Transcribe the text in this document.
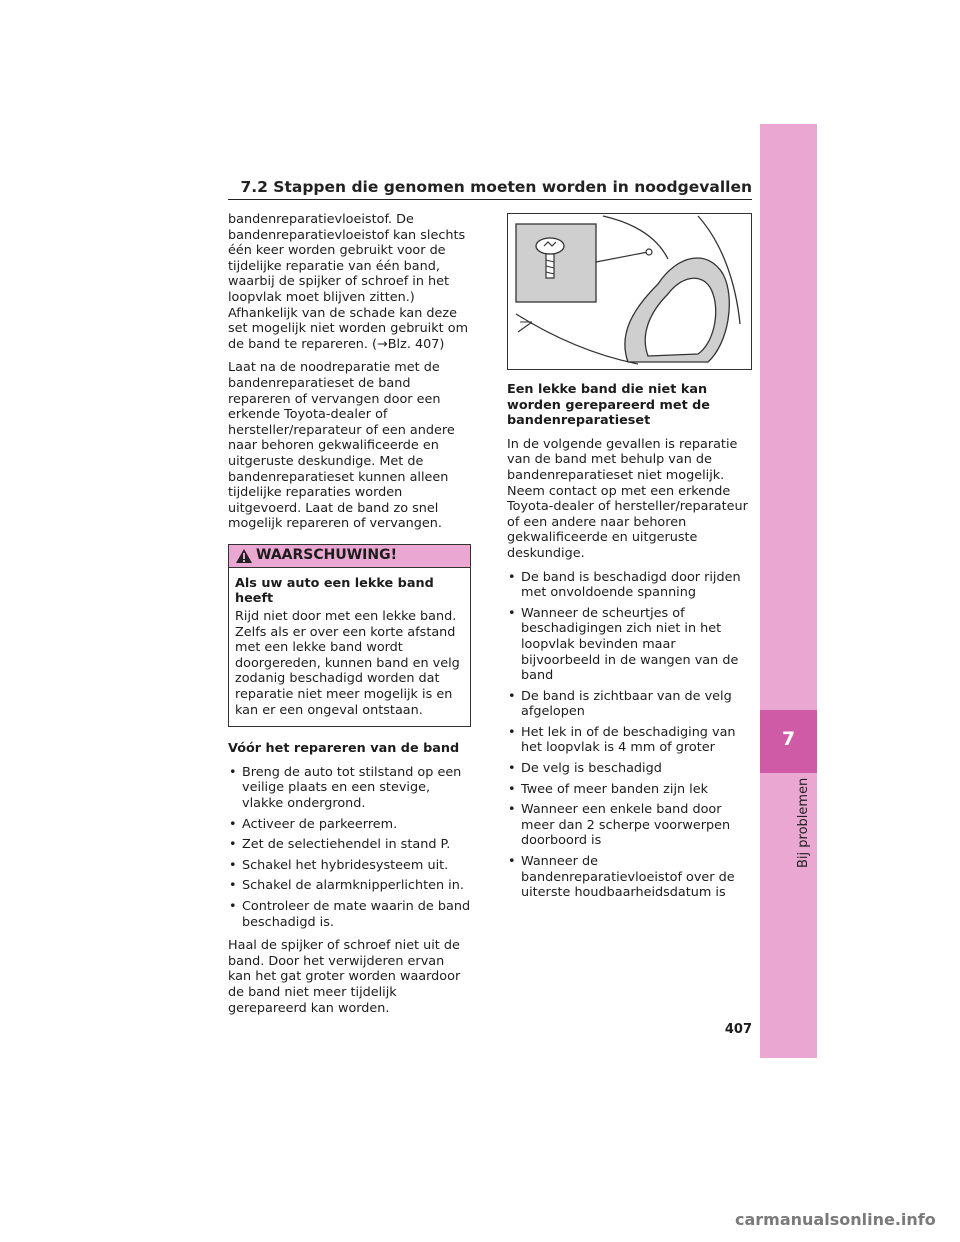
7.2 Stappen die genomen moeten worden in noodgevallen
7
Bij problemen

bandenreparatievloeistof. De bandenreparatievloeistof kan slechts één keer worden gebruikt voor de tijdelijke reparatie van één band, waarbij de spijker of schroef in het loopvlak moet blijven zitten.) Afhankelijk van de schade kan deze set mogelijk niet worden gebruikt om de band te repareren. (→Blz. 407)

Laat na de noodreparatie met de bandenreparatieset de band repareren of vervangen door een erkende Toyota-dealer of hersteller/reparateur of een andere naar behoren gekwalificeerde en uitgeruste deskundige. Met de bandenreparatieset kunnen alleen tijdelijke reparaties worden uitgevoerd. Laat de band zo snel mogelijk repareren of vervangen.

WAARSCHUWING!

Als uw auto een lekke band heeft

Rijd niet door met een lekke band. Zelfs als er over een korte afstand met een lekke band wordt doorgereden, kunnen band en velg zodanig beschadigd worden dat reparatie niet meer mogelijk is en kan er een ongeval ontstaan.

Vóór het repareren van de band

• Breng de auto tot stilstand op een veilige plaats en een stevige, vlakke ondergrond.
• Activeer de parkeerrem.
• Zet de selectiehendel in stand P.
• Schakel het hybridesysteem uit.
• Schakel de alarmknipperlichten in.
• Controleer de mate waarin de band beschadigd is.

Haal de spijker of schroef niet uit de band. Door het verwijderen ervan kan het gat groter worden waardoor de band niet meer tijdelijk gerepareerd kan worden.

Een lekke band die niet kan worden gerepareerd met de bandenreparatieset

In de volgende gevallen is reparatie van de band met behulp van de bandenreparatieset niet mogelijk. Neem contact op met een erkende Toyota-dealer of hersteller/reparateur of een andere naar behoren gekwalificeerde en uitgeruste deskundige.

• De band is beschadigd door rijden met onvoldoende spanning
• Wanneer de scheurtjes of beschadigingen zich niet in het loopvlak bevinden maar bijvoorbeeld in de wangen van de band
• De band is zichtbaar van de velg afgelopen
• Het lek in of de beschadiging van het loopvlak is 4 mm of groter
• De velg is beschadigd
• Twee of meer banden zijn lek
• Wanneer een enkele band door meer dan 2 scherpe voorwerpen doorboord is
• Wanneer de bandenreparatievloeistof over de uiterste houdbaarheidsdatum is
407
carmanualsonline.info
